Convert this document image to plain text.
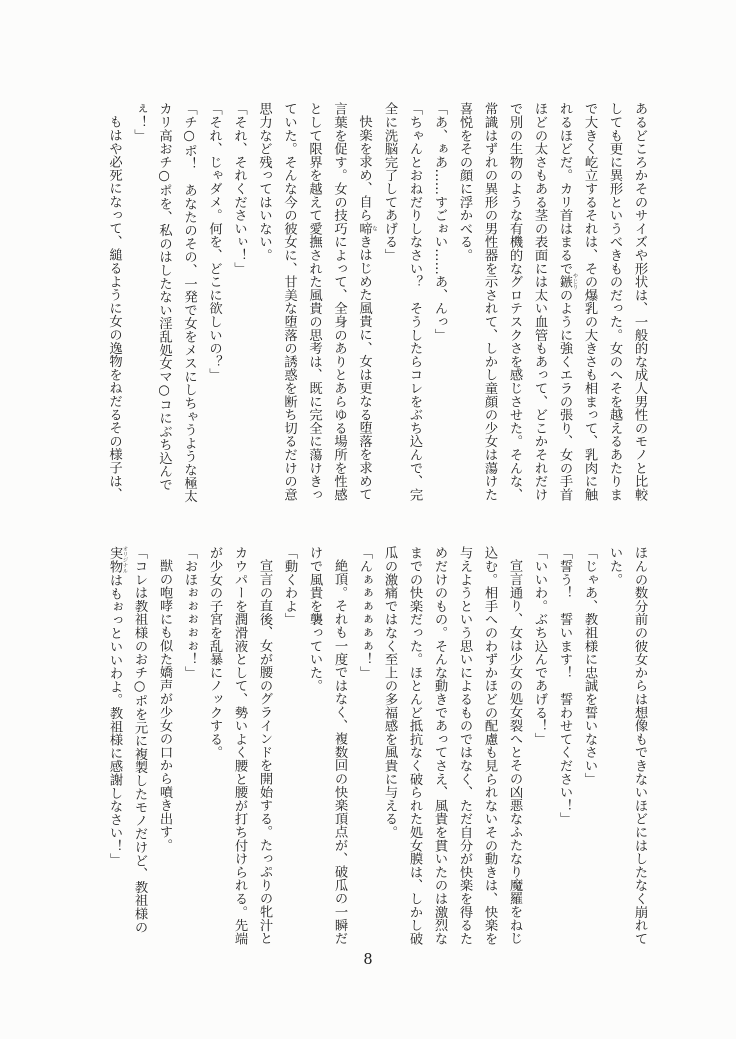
あるどころかそのサイズや形状は、一般的な成人男性のモノと比較しても更に異形というべきものだった。女のへそを越えるあたりまで大きく屹立するそれは、その爆乳の大きさも相まって、乳肉に触れるほどだ。カリ首はまるで鏃 やじりのように強くエラの張り、女の手首ほどの太さもある茎の表面には太い血管もあって、どこかそれだけで別の生物のような有機的なグロテスクさを感じさせた。そんな、常識はずれの異形の男性器を示されて、しかし童顔の少女は蕩けた喜悦をその顔に浮かべる。

「あ、ぁあ……すごぉい……あ、んっ」

「ちゃんとおねだりしなさい？　そうしたらコレをぶち込んで、完全に洗脳完了してあげる」

快楽を求め、自ら啼 なきはじめた風貴に、女は更なる堕落を求めて言葉を促す。女の技巧によって、全身のありとあらゆる場所を性感として限界を越えて愛撫された風貴の思考は、既に完全に蕩けきっていた。そんな今の彼女に、甘美な堕落の誘惑を断ち切るだけの意思力など残ってはいない。

「それ、それくださいぃ！」

「それ、じゃダメ。何を、どこに欲しいの？」

「チ○ポ！　あなたのその、一発で女をメスにしちゃうような極太カリ高おチ○ポを、私のはしたない淫乱処女マ○コにぶち込んでぇ！」

もはや必死になって、縋るように女の逸物をねだるその様子は、

ほんの数分前の彼女からは想像もできないほどにはしたなく崩れていた。

「じゃあ、教祖様に忠誠を誓いなさい」

「誓う！　誓います！　誓わせてください！」

「いいわ。ぶち込んであげる！」

宣言通り、女は少女の処女裂へとその凶悪なふたなり魔羅をねじ込む。相手へのわずかほどの配慮も見られないその動きは、快楽を与えようという思いによるものではなく、ただ自分が快楽を得るためだけのもの。そんな動きであってさえ、風貴を貫いたのは激烈なまでの快楽だった。ほとんど抵抗なく破られた処女膜は、しかし破瓜の激痛ではなく至上の多福感を風貴に与える。

「んぁぁぁぁぁぁ！」

絶頂。それも一度ではなく、複数回の快楽頂点が、破瓜の一瞬だけで風貴を襲っていた。

「動くわよ」

宣言の直後、女が腰のグラインドを開始する。たっぷりの牝汁とカウパーを潤滑液として、勢いよく腰と腰が打ち付けられる。先端が少女の子宮を乱暴にノックする。

「おほぉぉぉぉぉ！」

獣の咆哮にも似た嬌声が少女の口から噴き出す。

「コレは教祖様のおチ○ポを元に複製したモノだけど、教祖様の実物 オリジナルはもぉっといいわよ。教祖様に感謝しなさい！」

8
